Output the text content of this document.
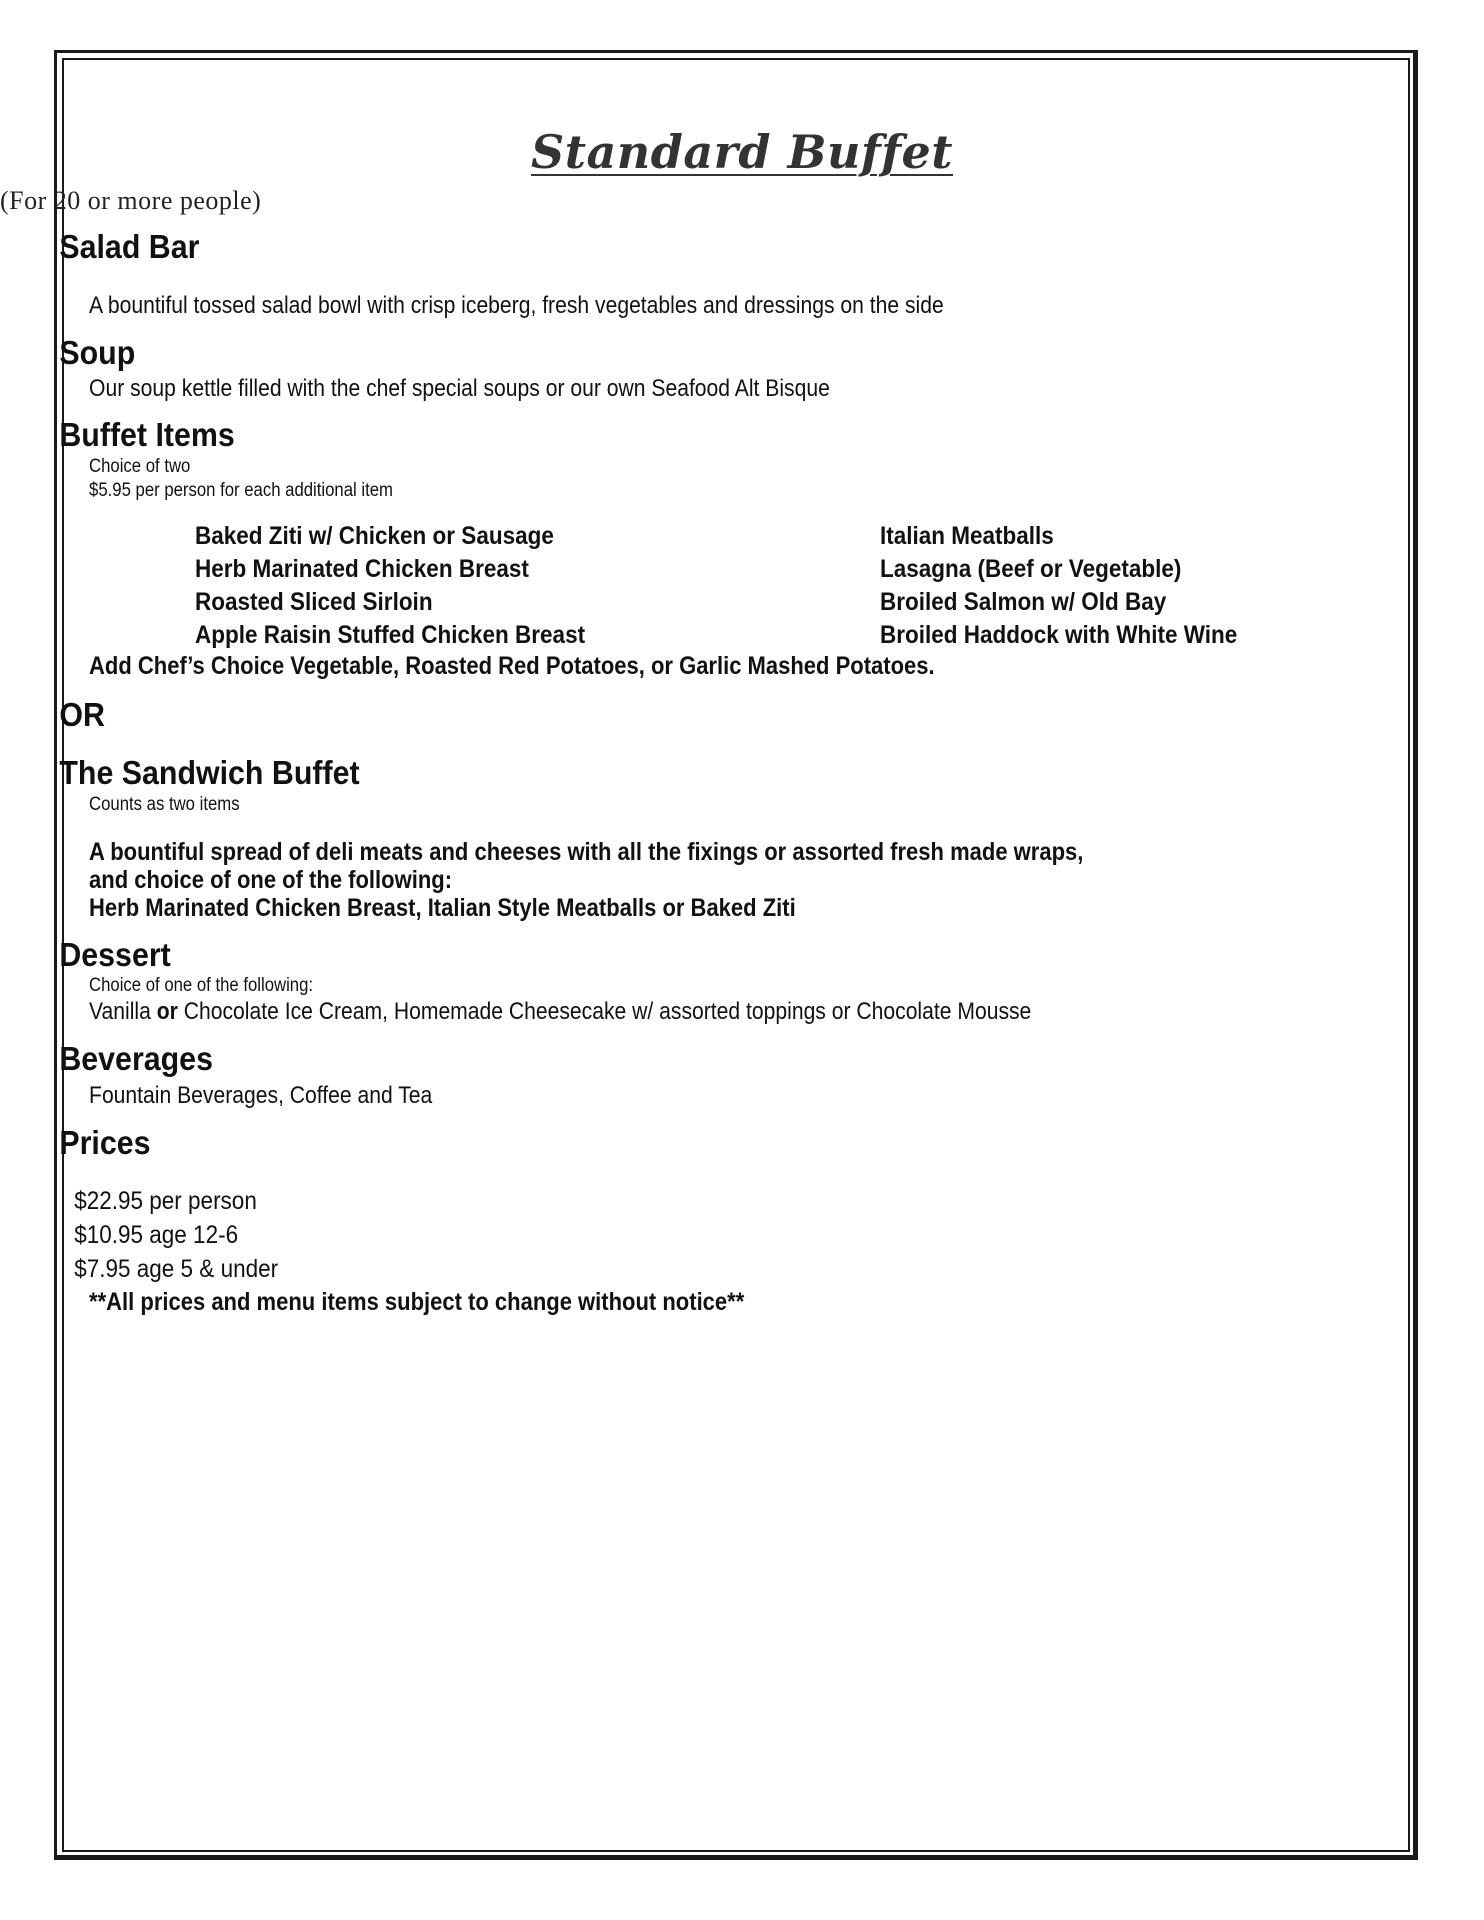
Standard Buffet
(For 20 or more people)
Salad Bar
A bountiful tossed salad bowl with crisp iceberg, fresh vegetables and dressings on the side
Soup
Our soup kettle filled with the chef special soups or our own Seafood Alt Bisque
Buffet Items
Choice of two
$5.95 per person for each additional item
Baked Ziti w/ Chicken or Sausage
Herb Marinated Chicken Breast
Roasted Sliced Sirloin
Apple Raisin Stuffed Chicken Breast
Italian Meatballs
Lasagna (Beef or Vegetable)
Broiled Salmon w/ Old Bay
Broiled Haddock with White Wine
Add Chef’s Choice Vegetable, Roasted Red Potatoes, or Garlic Mashed Potatoes.
OR
The Sandwich Buffet
Counts as two items
A bountiful spread of deli meats and cheeses with all the fixings or assorted fresh made wraps,
and choice of one of the following:
Herb Marinated Chicken Breast, Italian Style Meatballs or Baked Ziti
Dessert
Choice of one of the following:
Vanilla or Chocolate Ice Cream, Homemade Cheesecake w/ assorted toppings or Chocolate Mousse
Beverages
Fountain Beverages, Coffee and Tea
Prices
$22.95 per person
$10.95 age 12-6
$7.95 age 5 & under
**All prices and menu items subject to change without notice**
